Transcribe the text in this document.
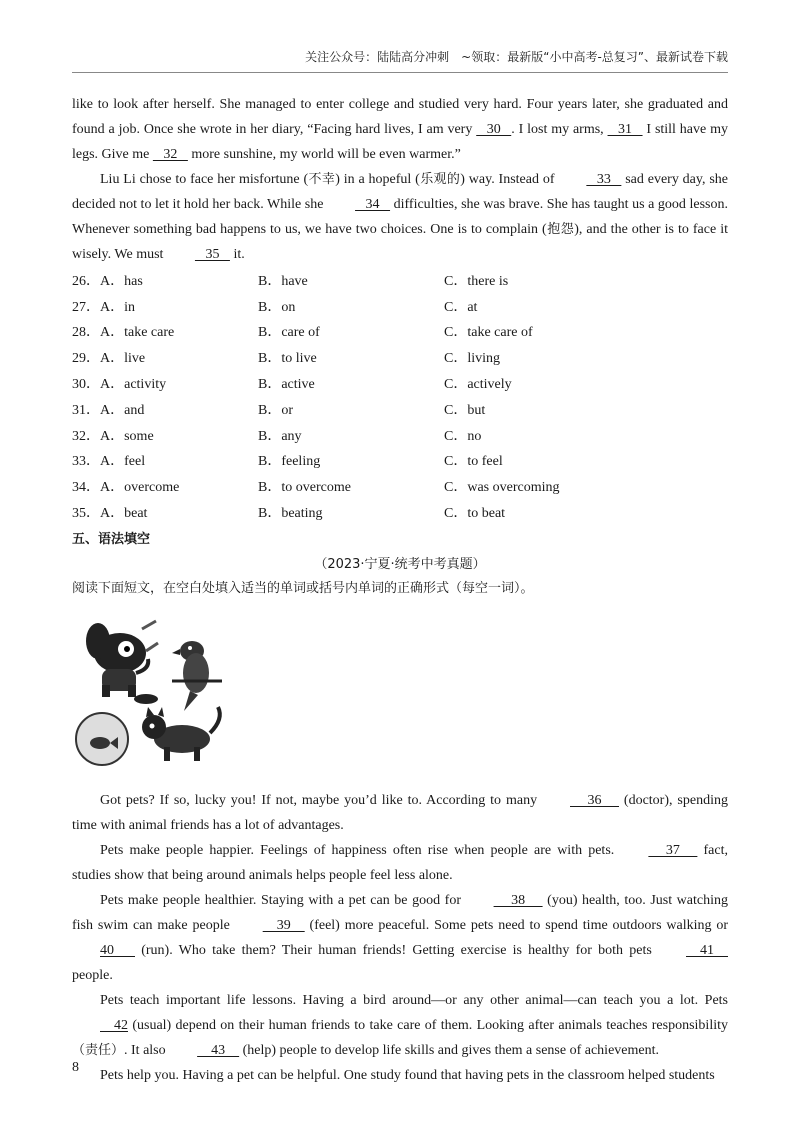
关注公众号：陆陆高分冲刺　~领取：最新版“小中高考-总复习”、最新试卷下载

like to look after herself. She managed to enter college and studied very hard. Four years later, she graduated and found a job. Once she wrote in her diary, “Facing hard lives, I am very    30   . I lost my arms,    31    I still have my legs. Give me    32    more sunshine, my world will be even warmer.”

Liu Li chose to face her misfortune (不幸) in a hopeful (乐观的) way. Instead of    33    sad every day, she decided not to let it hold her back. While she    34    difficulties, she was brave. She has taught us a good lesson. Whenever something bad happens to us, we have two choices. One is to complain (抱怨), and the other is to face it wisely. We must    35    it.

26．A．has	B．have	C．there is
27．A．in	B．on	C．at
28．A．take care	B．care of	C．take care of
29．A．live	B．to live	C．living
30．A．activity	B．active	C．actively
31．A．and	B．or	C．but
32．A．some	B．any	C．no
33．A．feel	B．feeling	C．to feel
34．A．overcome	B．to overcome	C．was overcoming
35．A．beat	B．beating	C．to beat
五、语法填空
（2023·宁夏·统考中考真题）
阅读下面短文，在空白处填入适当的单词或括号内单词的正确形式（每空一词）。

Got pets? If so, lucky you! If not, maybe you’d like to. According to many      36      (doctor), spending time with animal friends has a lot of advantages.

Pets make people happier. Feelings of happiness often rise when people are with pets.      37      fact, studies show that being around animals helps people feel less alone.

Pets make people healthier. Staying with a pet can be good for      38      (you) health, too. Just watching fish swim can make people     39     (feel) more peaceful. Some pets need to spend time outdoors walking or 40       (run). Who take them? Their human friends! Getting exercise is healthy for both pets     41     people.

Pets teach important life lessons. Having a bird around—or any other animal—can teach you a lot. Pets     42 (usual) depend on their human friends to take care of them. Looking after animals teaches responsibility（责任）. It also     43     (help) people to develop life skills and gives them a sense of achievement.

Pets help you. Having a pet can be helpful. One study found that having pets in the classroom helped students

8
